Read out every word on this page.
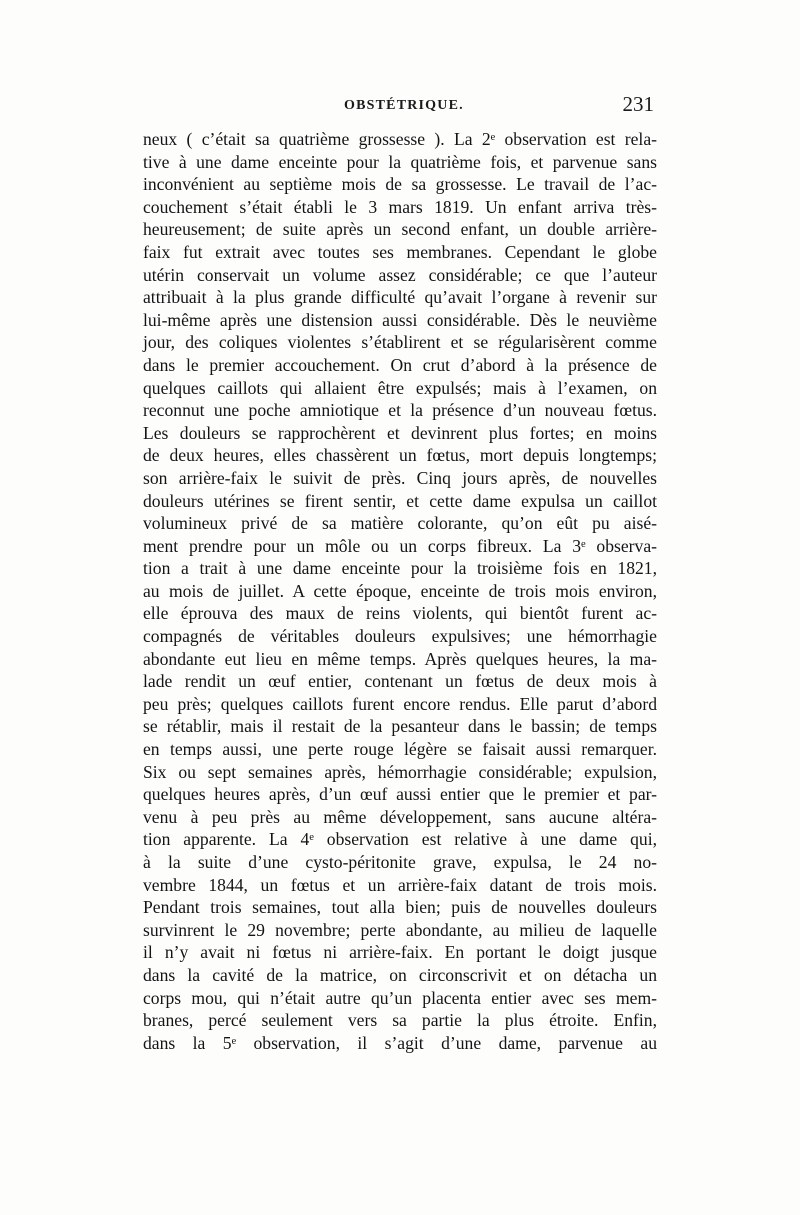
OBSTÉTRIQUE.	231
neux ( c’était sa quatrième grossesse ). La 2ᵉ observation est rela-
tive à une dame enceinte pour la quatrième fois, et parvenue sans
inconvénient au septième mois de sa grossesse. Le travail de l’ac-
couchement s’était établi le 3 mars 1819. Un enfant arriva très-
heureusement; de suite après un second enfant, un double arrière-
faix fut extrait avec toutes ses membranes. Cependant le globe
utérin conservait un volume assez considérable; ce que l’auteur
attribuait à la plus grande difficulté qu’avait l’organe à revenir sur
lui-même après une distension aussi considérable. Dès le neuvième
jour, des coliques violentes s’établirent et se régularisèrent comme
dans le premier accouchement. On crut d’abord à la présence de
quelques caillots qui allaient être expulsés; mais à l’examen, on
reconnut une poche amniotique et la présence d’un nouveau fœtus.
Les douleurs se rapprochèrent et devinrent plus fortes; en moins
de deux heures, elles chassèrent un fœtus, mort depuis longtemps;
son arrière-faix le suivit de près. Cinq jours après, de nouvelles
douleurs utérines se firent sentir, et cette dame expulsa un caillot
volumineux privé de sa matière colorante, qu’on eût pu aisé-
ment prendre pour un môle ou un corps fibreux. La 3ᵉ observa-
tion a trait à une dame enceinte pour la troisième fois en 1821,
au mois de juillet. A cette époque, enceinte de trois mois environ,
elle éprouva des maux de reins violents, qui bientôt furent ac-
compagnés de véritables douleurs expulsives; une hémorrhagie
abondante eut lieu en même temps. Après quelques heures, la ma-
lade rendit un œuf entier, contenant un fœtus de deux mois à
peu près; quelques caillots furent encore rendus. Elle parut d’abord
se rétablir, mais il restait de la pesanteur dans le bassin; de temps
en temps aussi, une perte rouge légère se faisait aussi remarquer.
Six ou sept semaines après, hémorrhagie considérable; expulsion,
quelques heures après, d’un œuf aussi entier que le premier et par-
venu à peu près au même développement, sans aucune altéra-
tion apparente. La 4ᵉ observation est relative à une dame qui,
à la suite d’une cysto-péritonite grave, expulsa, le 24 no-
vembre 1844, un fœtus et un arrière-faix datant de trois mois.
Pendant trois semaines, tout alla bien; puis de nouvelles douleurs
survinrent le 29 novembre; perte abondante, au milieu de laquelle
il n’y avait ni fœtus ni arrière-faix. En portant le doigt jusque
dans la cavité de la matrice, on circonscrivit et on détacha un
corps mou, qui n’était autre qu’un placenta entier avec ses mem-
branes, percé seulement vers sa partie la plus étroite. Enfin,
dans la 5ᵉ observation, il s’agit d’une dame, parvenue au
